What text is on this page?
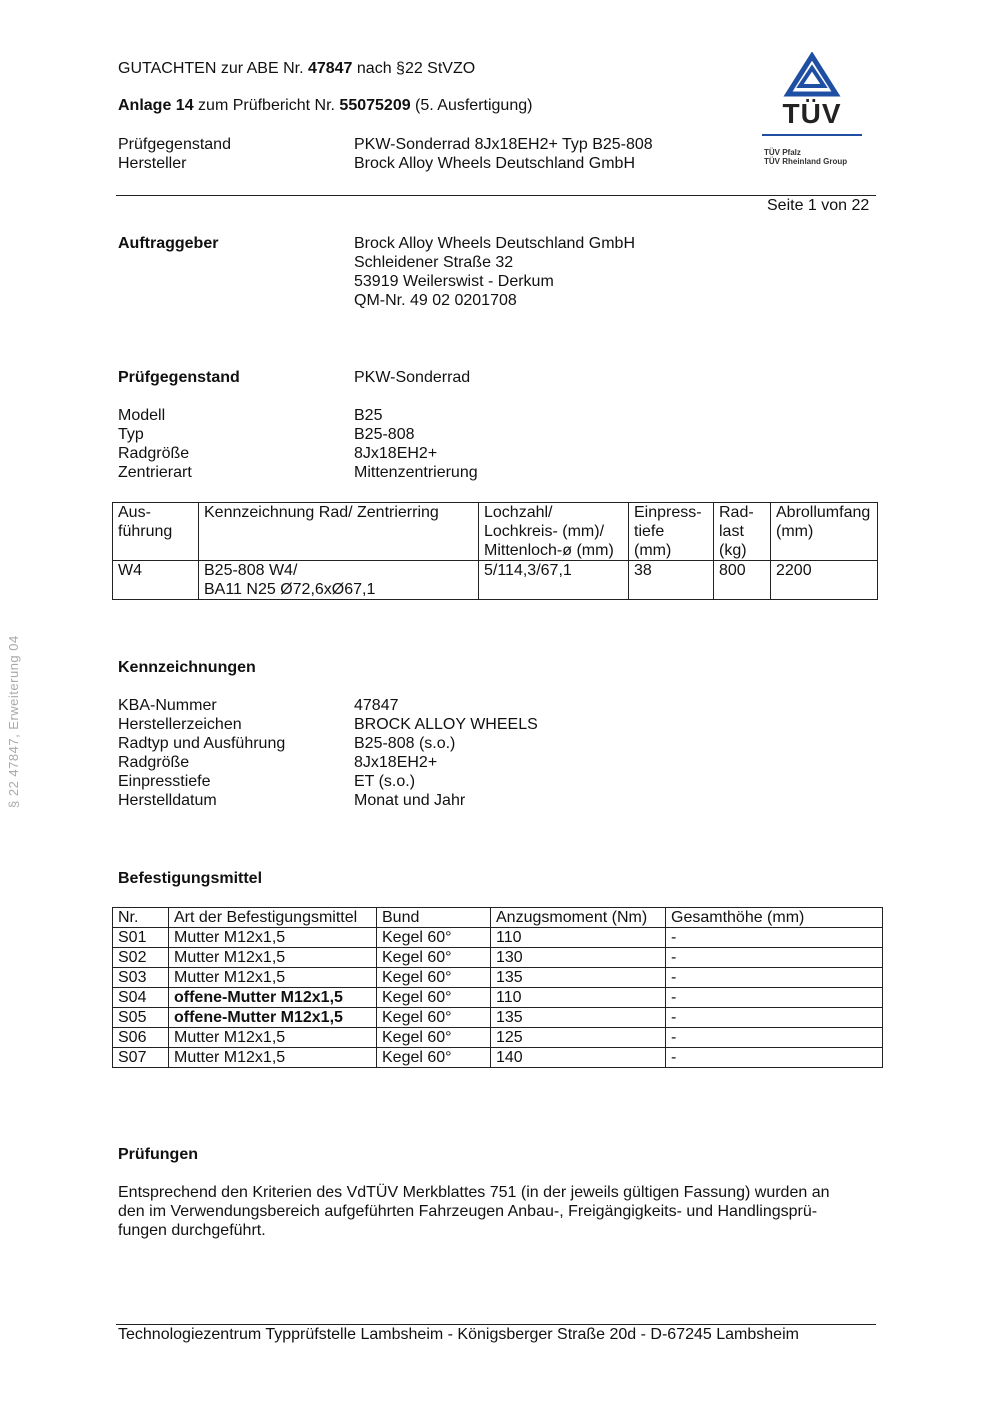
§ 22 47847, Erweiterung 04
GUTACHTEN zur ABE Nr. 47847 nach §22 StVZO
Anlage 14 zum Prüfbericht Nr. 55075209 (5. Ausfertigung)
Prüfgegenstand	PKW-Sonderrad 8Jx18EH2+ Typ B25-808
Hersteller	Brock Alloy Wheels Deutschland GmbH
TÜV
TÜV Pfalz
TÜV Rheinland Group
Seite 1 von 22
Auftraggeber	Brock Alloy Wheels Deutschland GmbH
Schleidener Straße 32
53919 Weilerswist - Derkum
QM-Nr. 49 02 0201708
Prüfgegenstand	PKW-Sonderrad
Modell	B25
Typ	B25-808
Radgröße	8Jx18EH2+
Zentrierart	Mittenzentrierung
Aus-
führung	Kennzeichnung Rad/ Zentrierring	Lochzahl/
Lochkreis- (mm)/
Mittenloch-ø (mm)	Einpress-
tiefe
(mm)	Rad-
last
(kg)	Abrollumfang
(mm)
W4	B25-808 W4/
BA11 N25 Ø72,6xØ67,1	5/114,3/67,1	38	800	2200
Kennzeichnungen
KBA-Nummer	47847
Herstellerzeichen	BROCK ALLOY WHEELS
Radtyp und Ausführung	B25-808 (s.o.)
Radgröße	8Jx18EH2+
Einpresstiefe	ET (s.o.)
Herstelldatum	Monat und Jahr
Befestigungsmittel
Nr.	Art der Befestigungsmittel	Bund	Anzugsmoment (Nm)	Gesamthöhe (mm)
S01	Mutter M12x1,5	Kegel 60°	110	-
S02	Mutter M12x1,5	Kegel 60°	130	-
S03	Mutter M12x1,5	Kegel 60°	135	-
S04	offene-Mutter M12x1,5	Kegel 60°	110	-
S05	offene-Mutter M12x1,5	Kegel 60°	135	-
S06	Mutter M12x1,5	Kegel 60°	125	-
S07	Mutter M12x1,5	Kegel 60°	140	-
Prüfungen
Entsprechend den Kriterien des VdTÜV Merkblattes 751 (in der jeweils gültigen Fassung) wurden an
den im Verwendungsbereich aufgeführten Fahrzeugen Anbau-, Freigängigkeits- und Handlingsprü-
fungen durchgeführt.
Technologiezentrum Typprüfstelle Lambsheim - Königsberger Straße 20d - D-67245 Lambsheim
